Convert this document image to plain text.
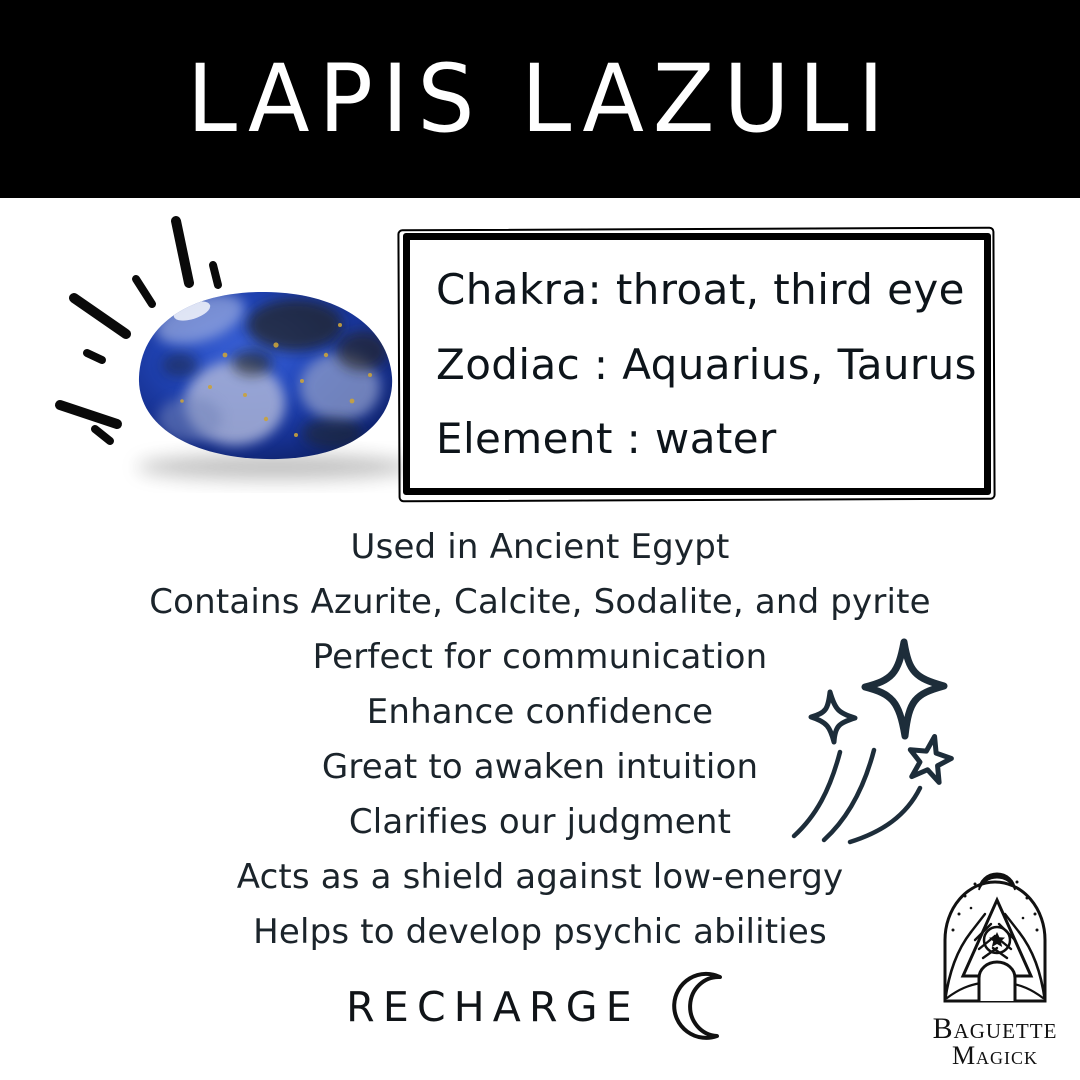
LAPIS LAZULI
Chakra: throat, third eye
Zodiac : Aquarius, Taurus
Element : water
Used in Ancient Egypt
Contains Azurite, Calcite, Sodalite, and pyrite
Perfect for communication
Enhance confidence
Great to awaken intuition
Clarifies our judgment
Acts as a shield against low-energy
Helps to develop psychic abilities
RECHARGE	Baguette
Magick
